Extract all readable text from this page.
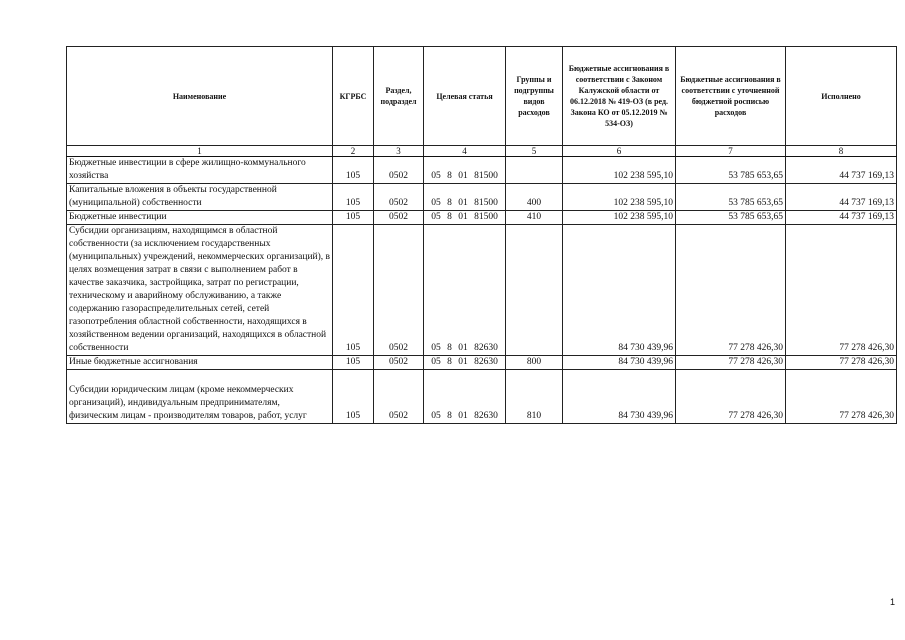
Наименование	КГРБС	Раздел, подраздел	Целевая статья	Группы и подгруппы видов расходов	Бюджетные ассигнования в соответствии с Законом Калужской области от 06.12.2018 № 419-ОЗ (в ред. Закона КО от 05.12.2019 № 534-ОЗ)	Бюджетные ассигнования в соответствии с уточненной бюджетной росписью расходов	Исполнено
1	2	3	4	5	6	7	8
Бюджетные инвестиции в сфере жилищно-коммунального хозяйства	105	0502	05 8 01 81500		102 238 595,10	53 785 653,65	44 737 169,13
Капитальные вложения в объекты государственной (муниципальной) собственности	105	0502	05 8 01 81500	400	102 238 595,10	53 785 653,65	44 737 169,13
Бюджетные инвестиции	105	0502	05 8 01 81500	410	102 238 595,10	53 785 653,65	44 737 169,13
Субсидии организациям, находящимся в областной собственности (за исключением государственных (муниципальных) учреждений, некоммерческих организаций), в целях возмещения затрат в связи с выполнением работ в качестве заказчика, застройщика, затрат по регистрации, техническому и аварийному обслуживанию, а также содержанию газораспределительных сетей, сетей газопотребления областной собственности, находящихся в хозяйственном ведении организаций, находящихся в областной собственности	105	0502	05 8 01 82630		84 730 439,96	77 278 426,30	77 278 426,30
Иные бюджетные ассигнования	105	0502	05 8 01 82630	800	84 730 439,96	77 278 426,30	77 278 426,30
Субсидии юридическим лицам (кроме некоммерческих организаций), индивидуальным предпринимателям, физическим лицам - производителям товаров, работ, услуг	105	0502	05 8 01 82630	810	84 730 439,96	77 278 426,30	77 278 426,30
1
